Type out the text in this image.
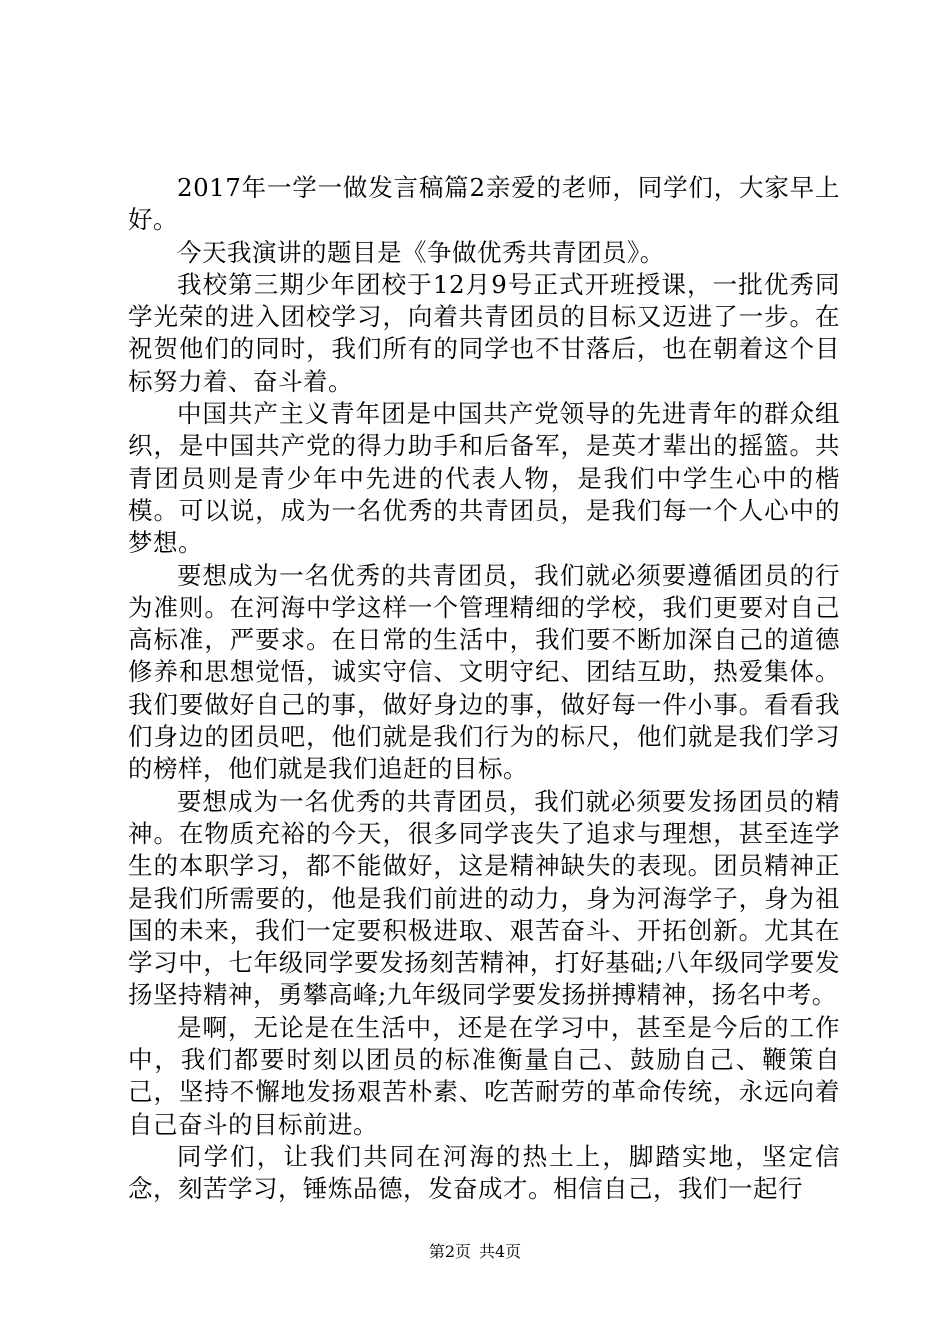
2017年一学一做发言稿篇2亲爱的老师，同学们，大家早上好。

今天我演讲的题目是《争做优秀共青团员》。

我校第三期少年团校于12月9号正式开班授课，一批优秀同学光荣的进入团校学习，向着共青团员的目标又迈进了一步。在祝贺他们的同时，我们所有的同学也不甘落后，也在朝着这个目标努力着、奋斗着。

中国共产主义青年团是中国共产党领导的先进青年的群众组织，是中国共产党的得力助手和后备军，是英才辈出的摇篮。共青团员则是青少年中先进的代表人物，是我们中学生心中的楷模。可以说，成为一名优秀的共青团员，是我们每一个人心中的梦想。

要想成为一名优秀的共青团员，我们就必须要遵循团员的行为准则。在河海中学这样一个管理精细的学校，我们更要对自己高标准，严要求。在日常的生活中，我们要不断加深自己的道德修养和思想觉悟，诚实守信、文明守纪、团结互助，热爱集体。我们要做好自己的事，做好身边的事，做好每一件小事。看看我们身边的团员吧，他们就是我们行为的标尺，他们就是我们学习的榜样，他们就是我们追赶的目标。

要想成为一名优秀的共青团员，我们就必须要发扬团员的精神。在物质充裕的今天，很多同学丧失了追求与理想，甚至连学生的本职学习，都不能做好，这是精神缺失的表现。团员精神正是我们所需要的，他是我们前进的动力，身为河海学子，身为祖国的未来，我们一定要积极进取、艰苦奋斗、开拓创新。尤其在学习中，七年级同学要发扬刻苦精神，打好基础;八年级同学要发扬坚持精神，勇攀高峰;九年级同学要发扬拼搏精神，扬名中考。

是啊，无论是在生活中，还是在学习中，甚至是今后的工作中，我们都要时刻以团员的标准衡量自己、鼓励自己、鞭策自己，坚持不懈地发扬艰苦朴素、吃苦耐劳的革命传统，永远向着自己奋斗的目标前进。

同学们，让我们共同在河海的热土上，脚踏实地，坚定信念，刻苦学习，锤炼品德，发奋成才。相信自己，我们一起行

第2页 共4页
